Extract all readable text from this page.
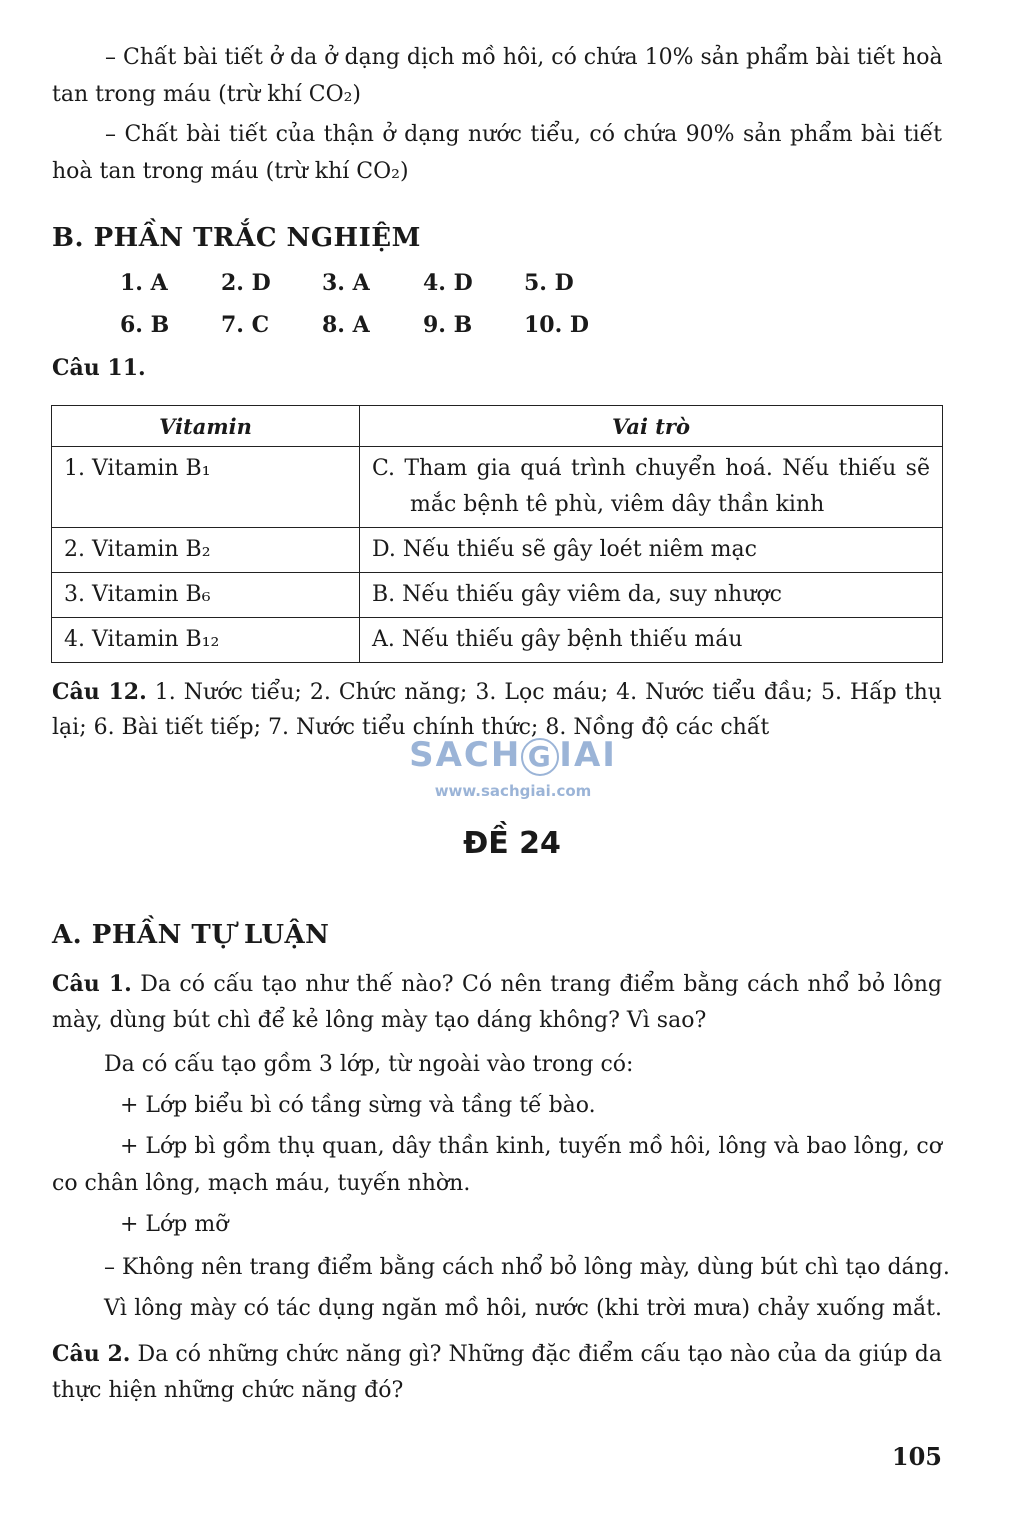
– Chất bài tiết ở da ở dạng dịch mồ hôi, có chứa 10% sản phẩm bài tiết hoà
tan trong máu (trừ khí CO₂)
– Chất bài tiết của thận ở dạng nước tiểu, có chứa 90% sản phẩm bài tiết
hoà tan trong máu (trừ khí CO₂)
B. PHẦN TRẮC NGHIỆM
1. A 2. D 3. A 4. D 5. D
6. B 7. C 8. A 9. B 10. D
Câu 11.
Vitamin	Vai trò
1. Vitamin B₁	C. Tham gia quá trình chuyển hoá. Nếu thiếu sẽ mắc bệnh tê phù, viêm dây thần kinh

2. Vitamin B₂	D. Nếu thiếu sẽ gây loét niêm mạc

3. Vitamin B₆	B. Nếu thiếu gây viêm da, suy nhược

4. Vitamin B₁₂	A. Nếu thiếu gây bệnh thiếu máu
Câu 12. 1. Nước tiểu; 2. Chức năng; 3. Lọc máu; 4. Nước tiểu đầu; 5. Hấp thụ
lại; 6. Bài tiết tiếp; 7. Nước tiểu chính thức; 8. Nồng độ các chất
SACH G IAI
www.sachgiai.com
ĐỀ 24
A. PHẦN TỰ LUẬN
Câu 1. Da có cấu tạo như thế nào? Có nên trang điểm bằng cách nhổ bỏ lông
mày, dùng bút chì để kẻ lông mày tạo dáng không? Vì sao?
Da có cấu tạo gồm 3 lớp, từ ngoài vào trong có:
+ Lớp biểu bì có tầng sừng và tầng tế bào.
+ Lớp bì gồm thụ quan, dây thần kinh, tuyến mồ hôi, lông và bao lông, cơ
co chân lông, mạch máu, tuyến nhờn.
+ Lớp mỡ
– Không nên trang điểm bằng cách nhổ bỏ lông mày, dùng bút chì tạo dáng.
Vì lông mày có tác dụng ngăn mồ hôi, nước (khi trời mưa) chảy xuống mắt.
Câu 2. Da có những chức năng gì? Những đặc điểm cấu tạo nào của da giúp da
thực hiện những chức năng đó?
105
